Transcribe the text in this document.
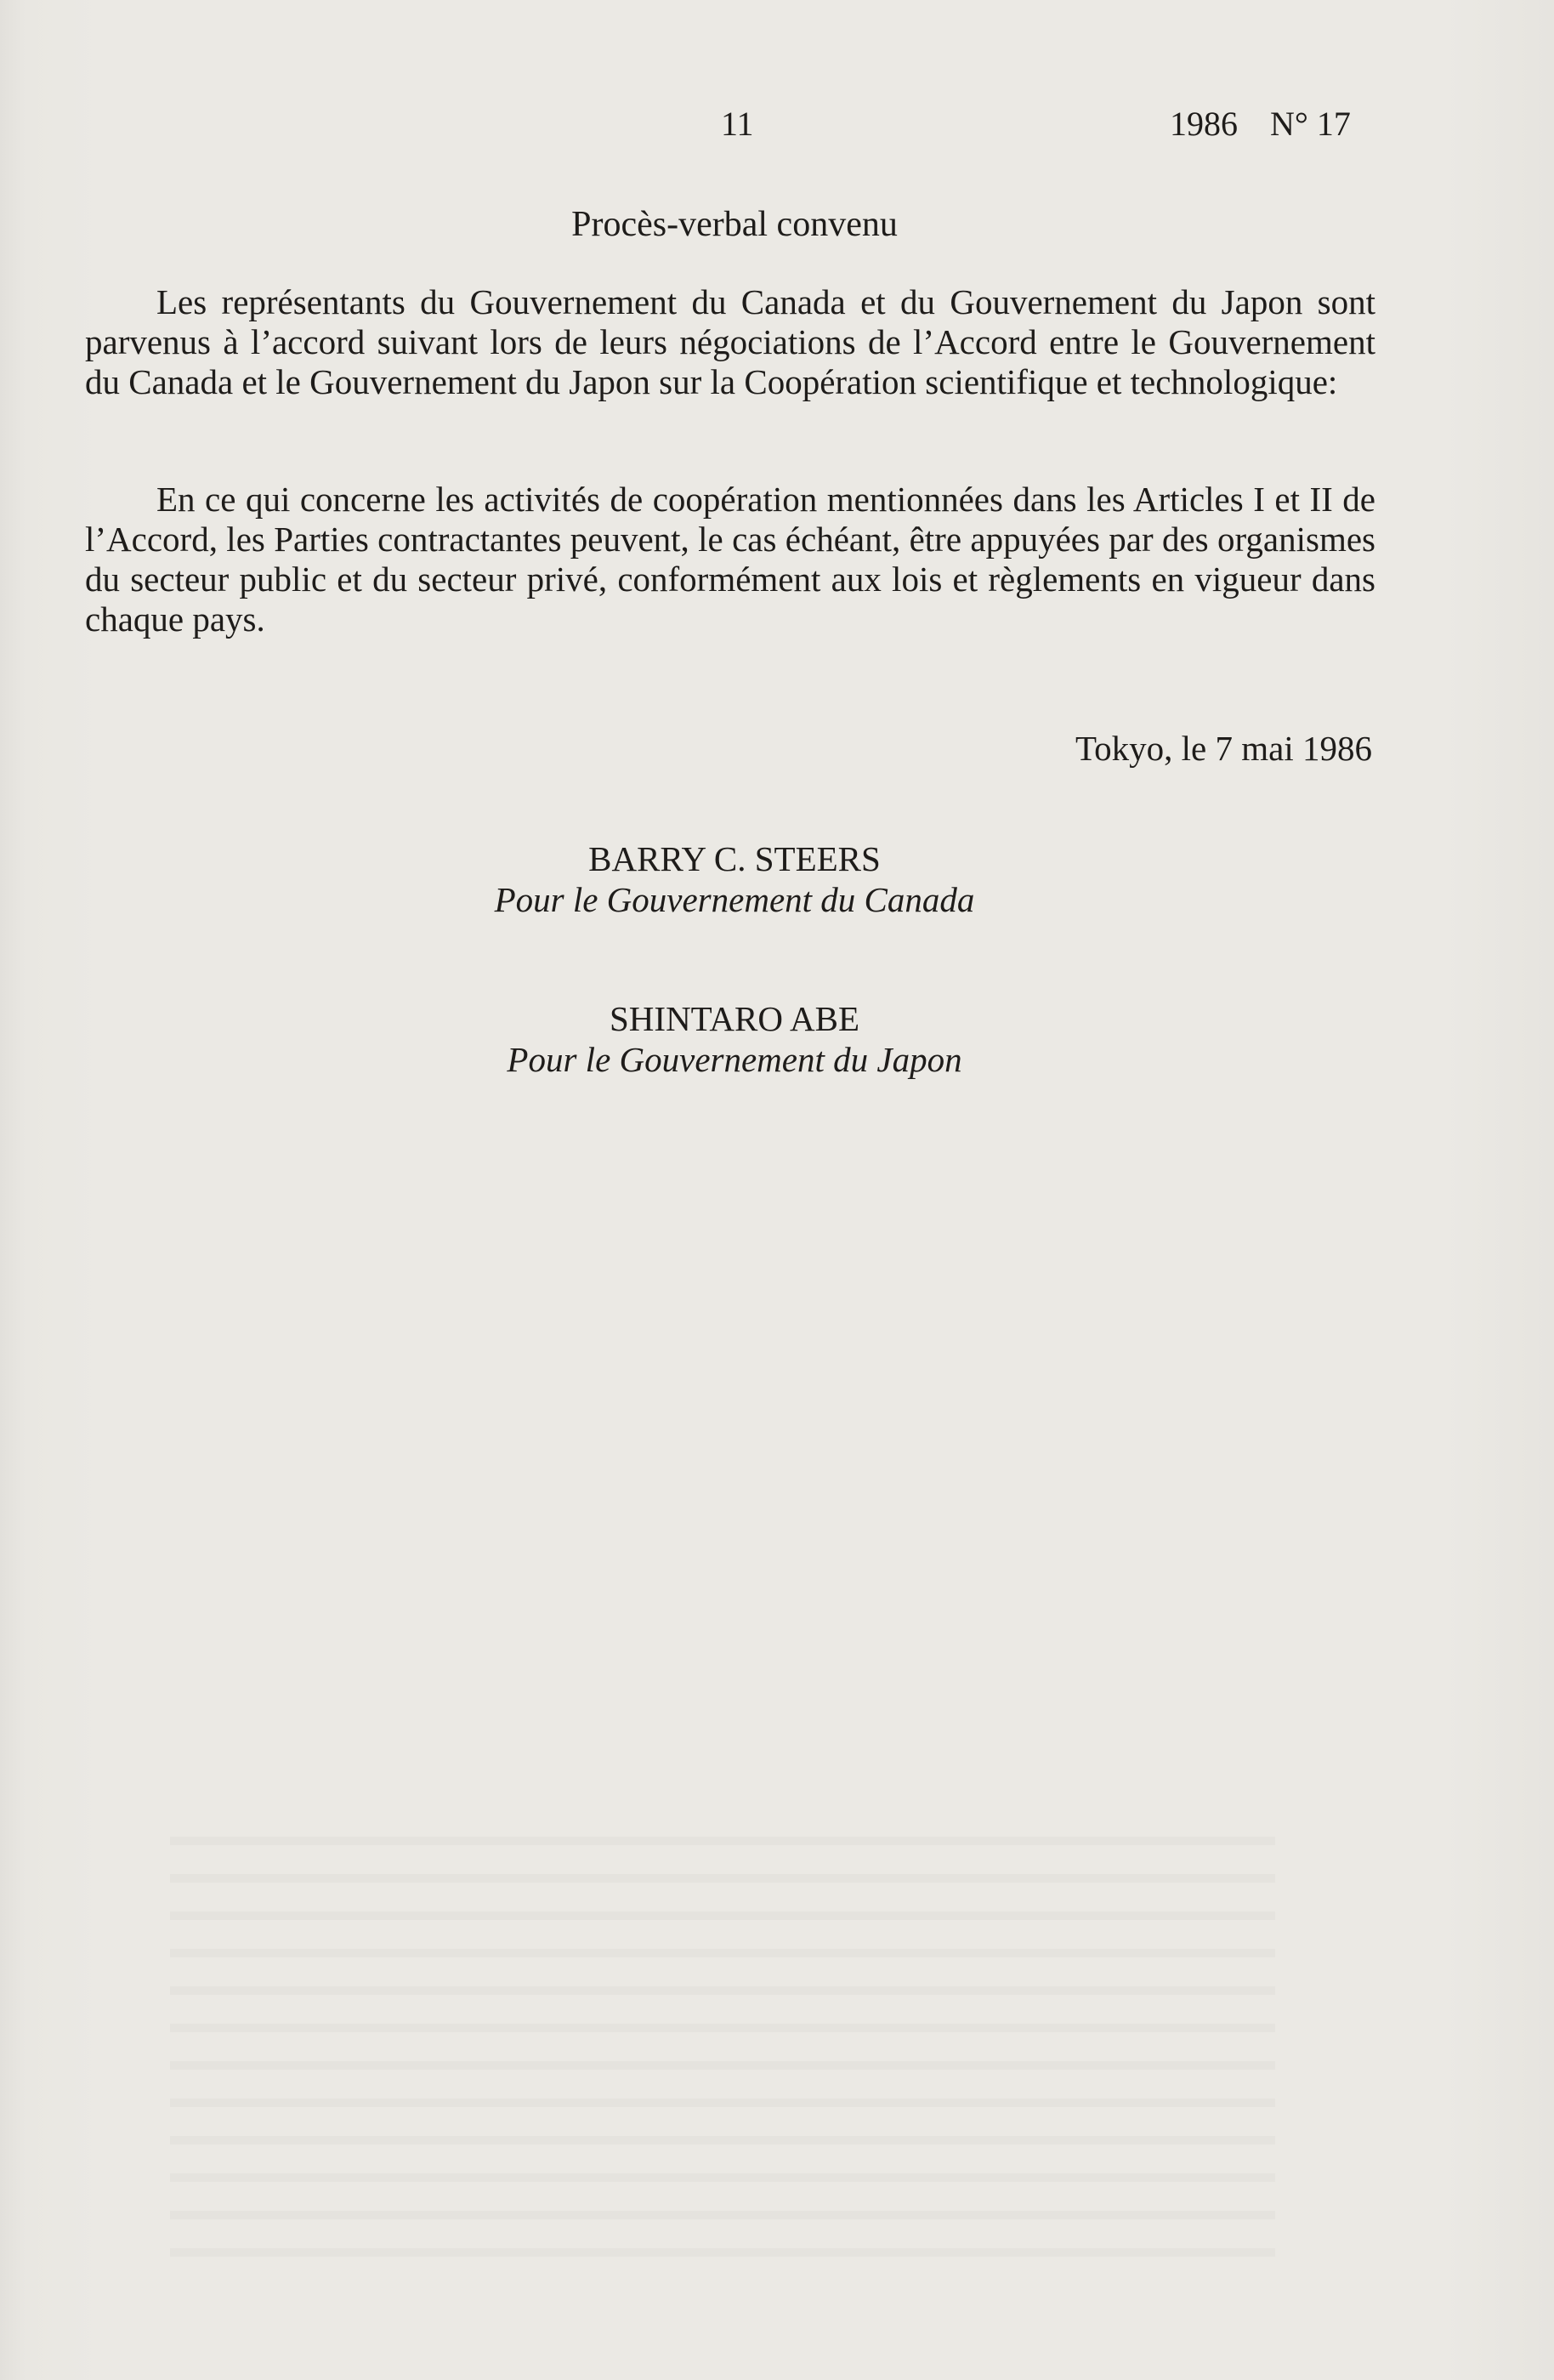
11	1986 N° 17
Procès-verbal convenu

Les représentants du Gouvernement du Canada et du Gouvernement du Japon sont parvenus à l’accord suivant lors de leurs négociations de l’Accord entre le Gouvernement du Canada et le Gouvernement du Japon sur la Coopération scientifique et technologique:

En ce qui concerne les activités de coopération mentionnées dans les Articles I et II de l’Accord, les Parties contractantes peuvent, le cas échéant, être appuyées par des organismes du secteur public et du secteur privé, conformément aux lois et règlements en vigueur dans chaque pays.

Tokyo, le 7 mai 1986
BARRY C. STEERS
Pour le Gouvernement du Canada
SHINTARO ABE
Pour le Gouvernement du Japon
